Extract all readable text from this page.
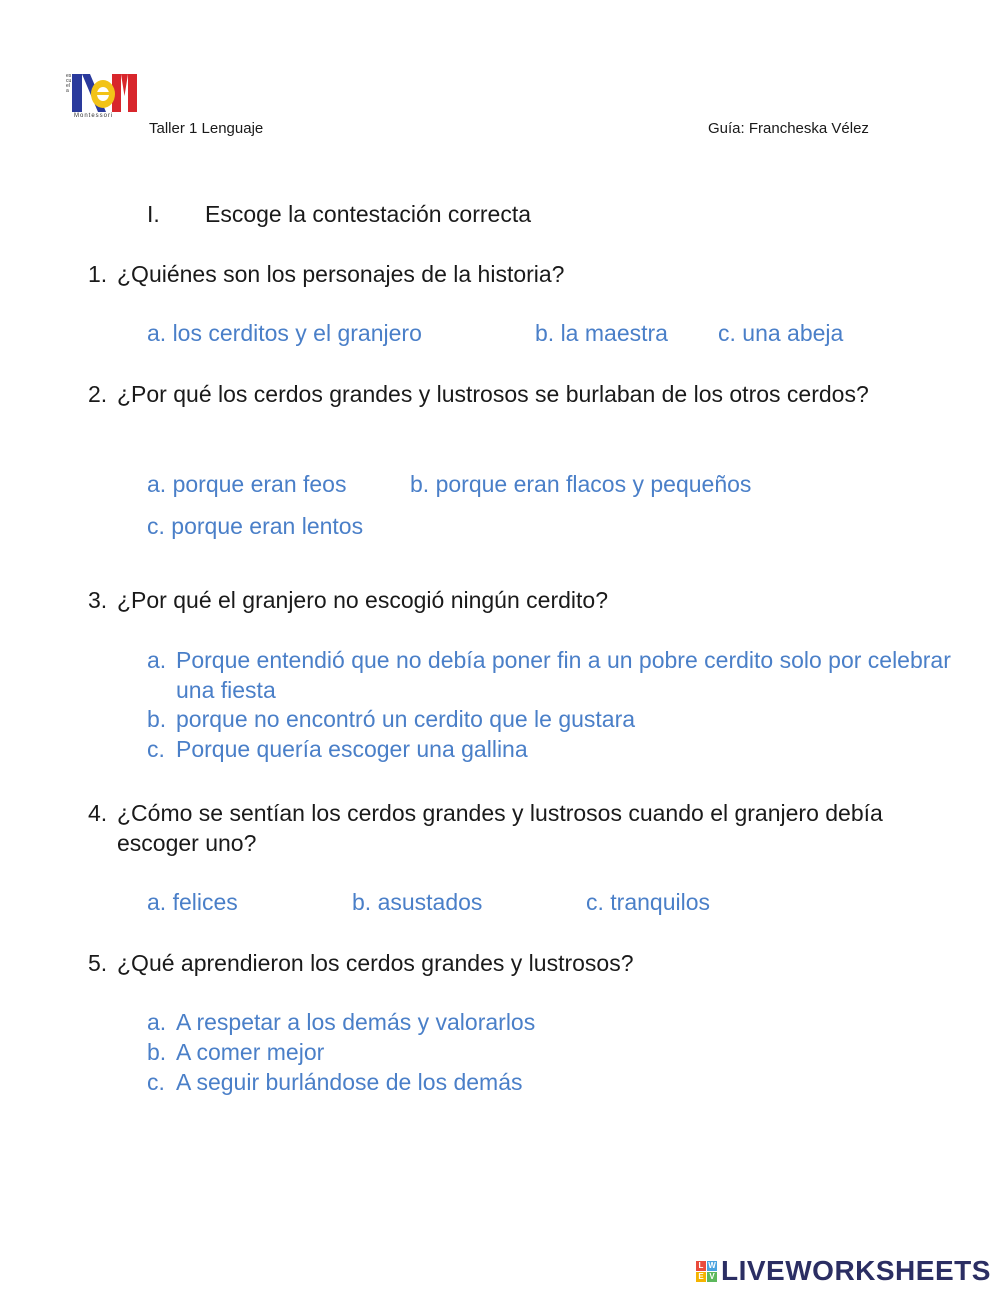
escuela
Montessori
Taller 1 Lenguaje	Guía: Francheska Vélez
I. Escoge la contestación correcta
1. ¿Quiénes son los personajes de la historia?
a. los cerditos y el granjero	b. la maestra c. una abeja
2. ¿Por qué los cerdos grandes y lustrosos se burlaban de los otros cerdos?
a. porque eran feos	b. porque eran flacos y pequeños
c. porque eran lentos
3. ¿Por qué el granjero no escogió ningún cerdito?
a. Porque entendió que no debía poner fin a un pobre cerdito solo por celebrar una fiesta
b. porque no encontró un cerdito que le gustara
c. Porque quería escoger una gallina
4. ¿Cómo se sentían los cerdos grandes y lustrosos cuando el granjero debía escoger uno?
a. felices	b. asustados	c. tranquilos
5. ¿Qué aprendieron los cerdos grandes y lustrosos?
a. A respetar a los demás y valorarlos
b. A comer mejor
c. A seguir burlándose de los demás
L W
E V LIVEWORKSHEETS
